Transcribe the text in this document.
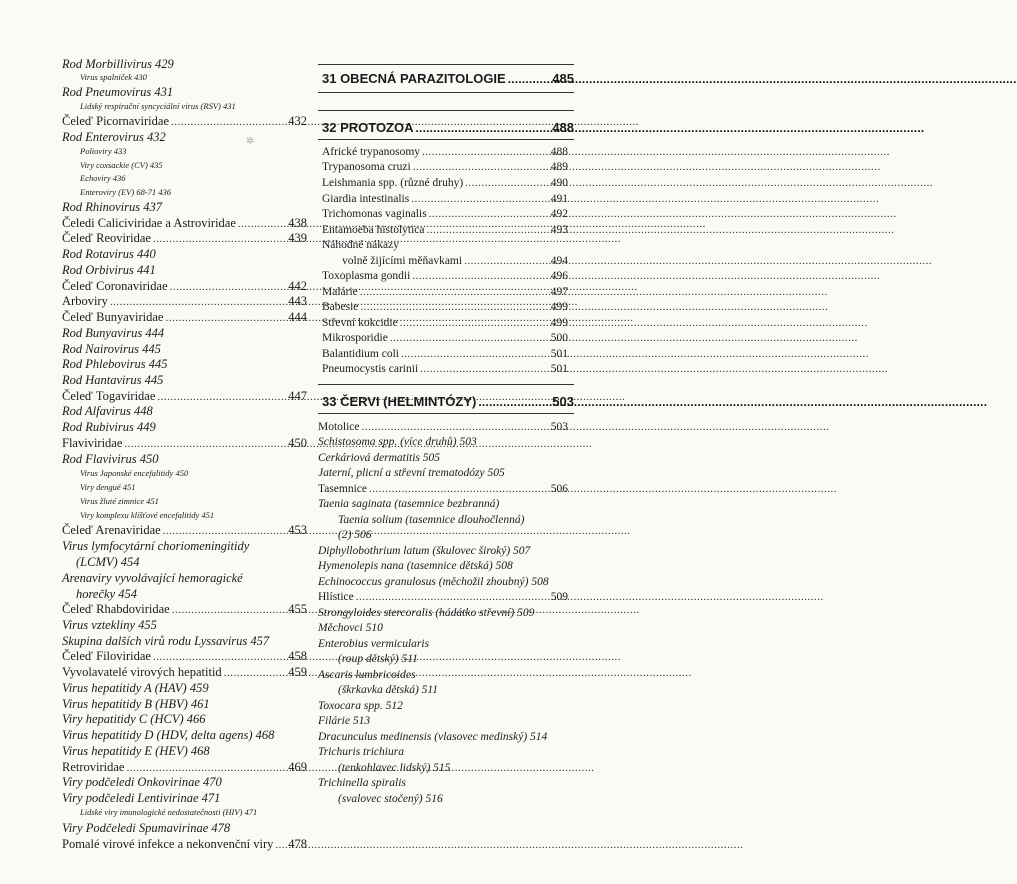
Rod Morbillivirus 429
Virus spalniček 430
Rod Pneumovirus 431
Lidský respirační syncyciální virus (RSV) 431
Čeleď Picornaviridae .....	432
Rod Enterovirus 432
Polioviry 433
Viry coxsackie (CV) 435
Echoviry 436
Enteroviry (EV) 68-71 436
Rod Rhinovirus 437
Čeledi Caliciviridae a Astroviridae .....	438
Čeleď Reoviridae .....	439
Rod Rotavirus 440
Rod Orbivirus 441
Čeleď Coronaviridae .....	442
Arboviry .....	443
Čeleď Bunyaviridae .....	444
Rod Bunyavirus 444
Rod Nairovirus 445
Rod Phlebovirus 445
Rod Hantavirus 445
Čeleď Togaviridae .....	447
Rod Alfavirus 448
Rod Rubivirus 449
Flaviviridae .....	450
Rod Flavivirus 450
Virus Japonské encefalitidy 450
Viry dengué 451
Virus žluté zimnice 451
Viry komplexu klíšťové encefalitidy 451
Čeleď Arenaviridae .....	453
Virus lymfocytární choriomeningitidy
(LCMV) 454
Arenaviry vyvolávající hemoragické
horečky 454
Čeleď Rhabdoviridae .....	455
Virus vztekliny 455
Skupina dalších virů rodu Lyssavirus 457
Čeleď Filoviridae .....	458
Vyvolavatelé virových hepatitid .....	459
Virus hepatitidy A (HAV) 459
Virus hepatitidy B (HBV) 461
Viry hepatitidy C (HCV) 466
Virus hepatitidy D (HDV, delta agens) 468
Virus hepatitidy E (HEV) 468
Retroviridae .....	469
Viry podčeledi Onkovirinae 470
Viry podčeledi Lentivirinae 471
Lidské viry imunologické nedostatečnosti (HIV) 471
Viry Podčeledi Spumavirinae 478
Pomalé virové infekce a nekonvenční viry ..... 478
Africké trypanosomy .....	488
Trypanosoma cruzi .....	489
Leishmania spp. (různé druhy) .....	490
Giardia intestinalis .....	491
Trichomonas vaginalis .....	492
Entamoeba histolytica .....	493
Náhodné nákazy
volně žijícími měňavkami .....	494
Toxoplasma gondii .....	496
Malárie .....	497
Babesie .....	499
Střevní kokcidie .....	499
Mikrosporidie .....	500
Balantidium coli .....	501
Pneumocystis carinii .....	501
Motolice .....	503
Schistosoma spp. (více druhů) 503
Cerkáriová dermatitis 505
Jaterní, plicní a střevní trematodózy 505
Tasemnice .....	506
Taenia saginata (tasemnice bezbranná)
Taenia solium (tasemnice dlouhočlenná)
(2) 506
Diphyllobothrium latum (škulovec široký) 507
Hymenolepis nana (tasemnice dětská) 508
Echinococcus granulosus (měchožil zhoubný) 508
Hlístice .....	509
Strongyloides stercoralis (hádátko střevní) 509
Měchovci 510
Enterobius vermicularis
(roup dětský) 511
Ascaris lumbricoides
(škrkavka dětská) 511
Toxocara spp. 512
Filárie 513
Dracunculus medinensis (vlasovec medinský) 514
Trichuris trichiura
(tenkohlavec lidský) 515
Trichinella spiralis
(svalovec stočený) 516
31 OBECNÁ PARAZITOLOGIE .....	485
32 PROTOZOA .....	488
33 ČERVI (HELMINTÓZY) .....	503
✲
